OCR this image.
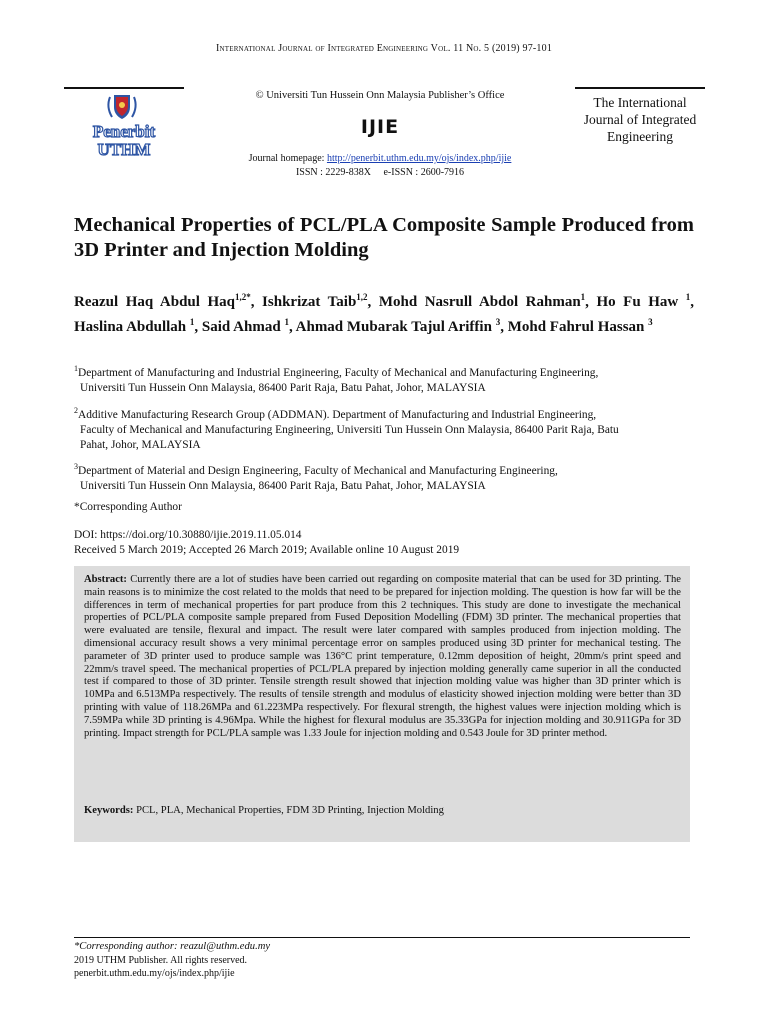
International Journal of Integrated Engineering Vol. 11 No. 5 (2019) 97-101
Penerbit
UTHM
© Universiti Tun Hussein Onn Malaysia Publisher’s Office
IJIE
Journal homepage: http://penerbit.uthm.edu.my/ojs/index.php/ijie
ISSN : 2229-838X     e-ISSN : 2600-7916
The International Journal of Integrated Engineering
Mechanical Properties of PCL/PLA Composite Sample Produced from 3D Printer and Injection Molding
Reazul Haq Abdul Haq$^{1,2*}$, Ishkrizat Taib$^{1,2}$, Mohd Nasrull Abdol Rahman$^1$, Ho Fu Haw $^1$, Haslina Abdullah $^1$, Said Ahmad $^1$, Ahmad Mubarak Tajul Ariffin $^3$, Mohd Fahrul Hassan $^3$
$^1$Department of Manufacturing and Industrial Engineering, Faculty of Mechanical and Manufacturing Engineering,
Universiti Tun Hussein Onn Malaysia, 86400 Parit Raja, Batu Pahat, Johor, MALAYSIA
$^2$Additive Manufacturing Research Group (ADDMAN). Department of Manufacturing and Industrial Engineering,
Faculty of Mechanical and Manufacturing Engineering, Universiti Tun Hussein Onn Malaysia, 86400 Parit Raja, Batu
Pahat, Johor, MALAYSIA
$^3$Department of Material and Design Engineering, Faculty of Mechanical and Manufacturing Engineering,
Universiti Tun Hussein Onn Malaysia, 86400 Parit Raja, Batu Pahat, Johor, MALAYSIA
*Corresponding Author
DOI: https://doi.org/10.30880/ijie.2019.11.05.014
Received 5 March 2019; Accepted 26 March 2019; Available online 10 August 2019
Abstract: Currently there are a lot of studies have been carried out regarding on composite material that can be used for 3D printing. The main reasons is to minimize the cost related to the molds that need to be prepared for injection molding. The question is how far will be the differences in term of mechanical properties for part produce from this 2 techniques. This study are done to investigate the mechanical properties of PCL/PLA composite sample prepared from Fused Deposition Modelling (FDM) 3D printer. The mechanical properties that were evaluated are tensile, flexural and impact. The result were later compared with samples produced from injection molding. The dimensional accuracy result shows a very minimal percentage error on samples produced using 3D printer for mechanical testing. The parameter of 3D printer used to produce sample was 136°C print temperature, 0.12mm deposition of height, 20mm/s print speed and 22mm/s travel speed. The mechanical properties of PCL/PLA prepared by injection molding generally came superior in all the conducted test if compared to those of 3D printer. Tensile strength result showed that injection molding value was higher than 3D printer which is 10MPa and 6.513MPa respectively. The results of tensile strength and modulus of elasticity showed injection molding were better than 3D printing with value of 118.26MPa and 61.223MPa respectively. For flexural strength, the highest values were injection molding which is 7.59MPa while 3D printing is 4.96Mpa. While the highest for flexural modulus are 35.33GPa for injection molding and 30.911GPa for 3D printing. Impact strength for PCL/PLA sample was 1.33 Joule for injection molding and 0.543 Joule for 3D printer method.
Keywords: PCL, PLA, Mechanical Properties, FDM 3D Printing, Injection Molding
*Corresponding author: reazul@uthm.edu.my
2019 UTHM Publisher. All rights reserved.
penerbit.uthm.edu.my/ojs/index.php/ijie
